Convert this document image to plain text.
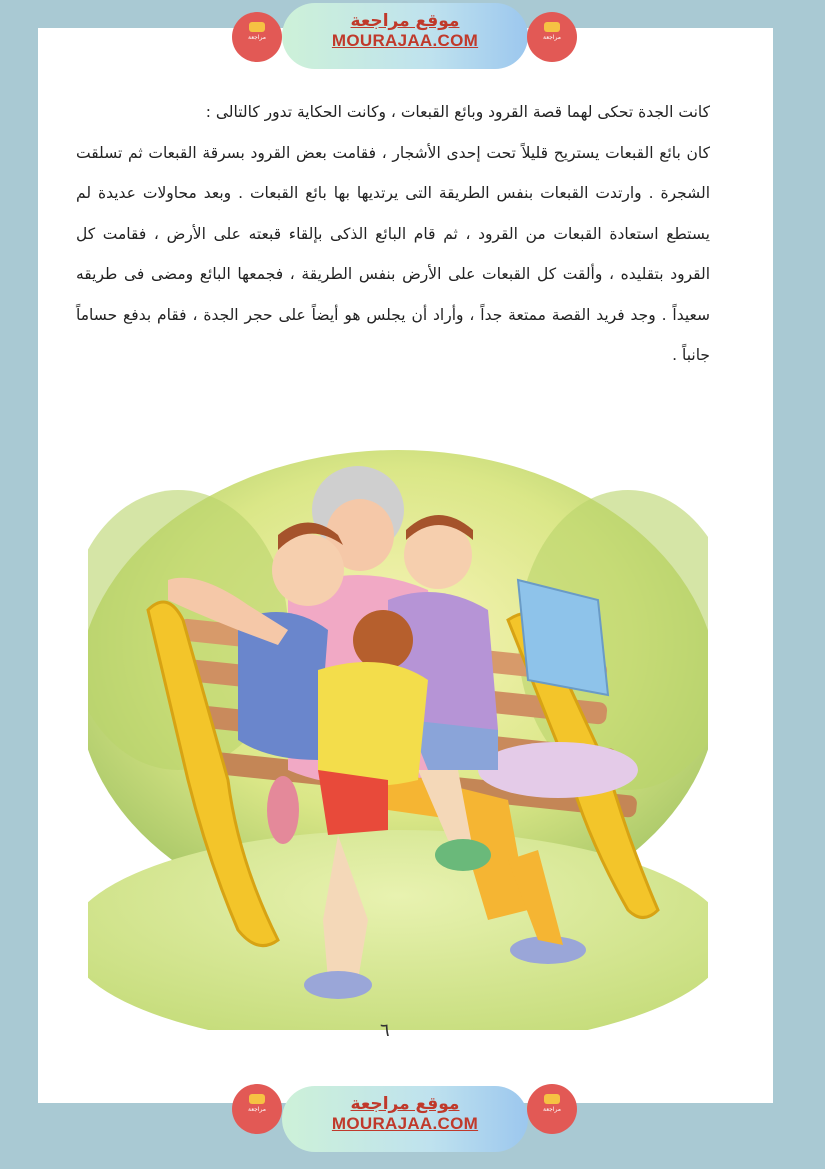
مراجعة
موقع مراجعة
MOURAJAA.COM	مراجعة

كانت الجدة تحكى لهما قصة القرود وبائع القبعات ، وكانت الحكاية تدور كالتالى :

كان بائع القبعات يستريح قليلاً تحت إحدى الأشجار ، فقامت بعض القرود بسرقة القبعات ثم تسلقت الشجرة . وارتدت القبعات بنفس الطريقة التى يرتديها بها بائع القبعات . وبعد محاولات عديدة لم يستطع استعادة القبعات من القرود ، ثم قام البائع الذكى بإلقاء قبعته على الأرض ، فقامت كل القرود بتقليده ، وألقت كل القبعات على الأرض بنفس الطريقة ، فجمعها البائع ومضى فى طريقه سعيداً . وجد فريد القصة ممتعة جداً ، وأراد أن يجلس هو أيضاً على حجر الجدة ، فقام بدفع حساماً جانباً .

٦
مراجعة	موقع مراجعة
MOURAJAA.COM
مراجعة
